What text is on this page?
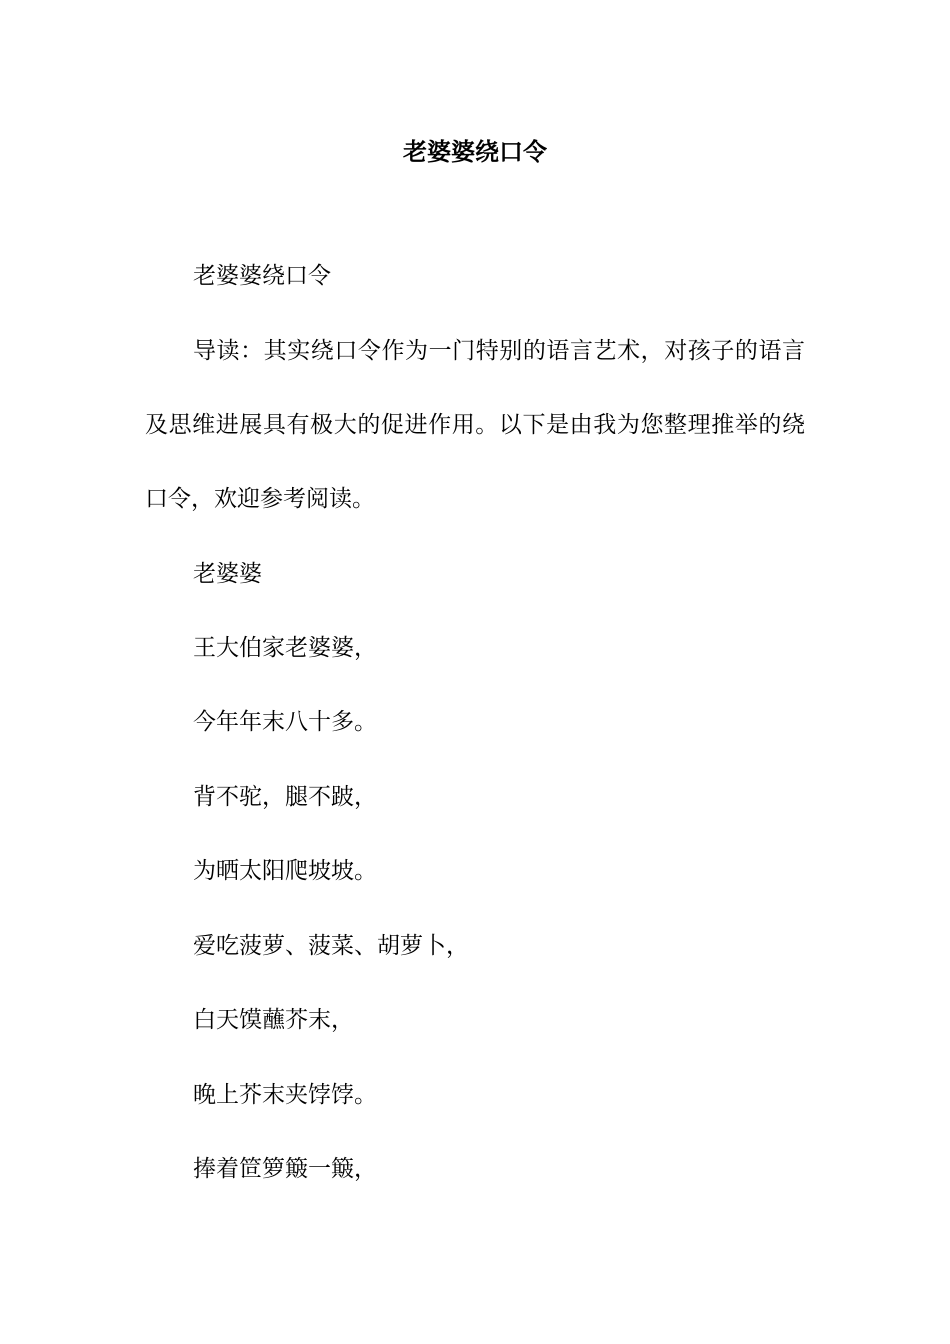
老婆婆绕口令

老婆婆绕口令

导读：其实绕口令作为一门特别的语言艺术，对孩子的语言及思维进展具有极大的促进作用。以下是由我为您整理推举的绕口令，欢迎参考阅读。

老婆婆

王大伯家老婆婆，

今年年末八十多。

背不驼，腿不跛，

为晒太阳爬坡坡。

爱吃菠萝、菠菜、胡萝卜，

白天馍蘸芥末，

晚上芥末夹饽饽。

捧着笸箩簸一簸，
